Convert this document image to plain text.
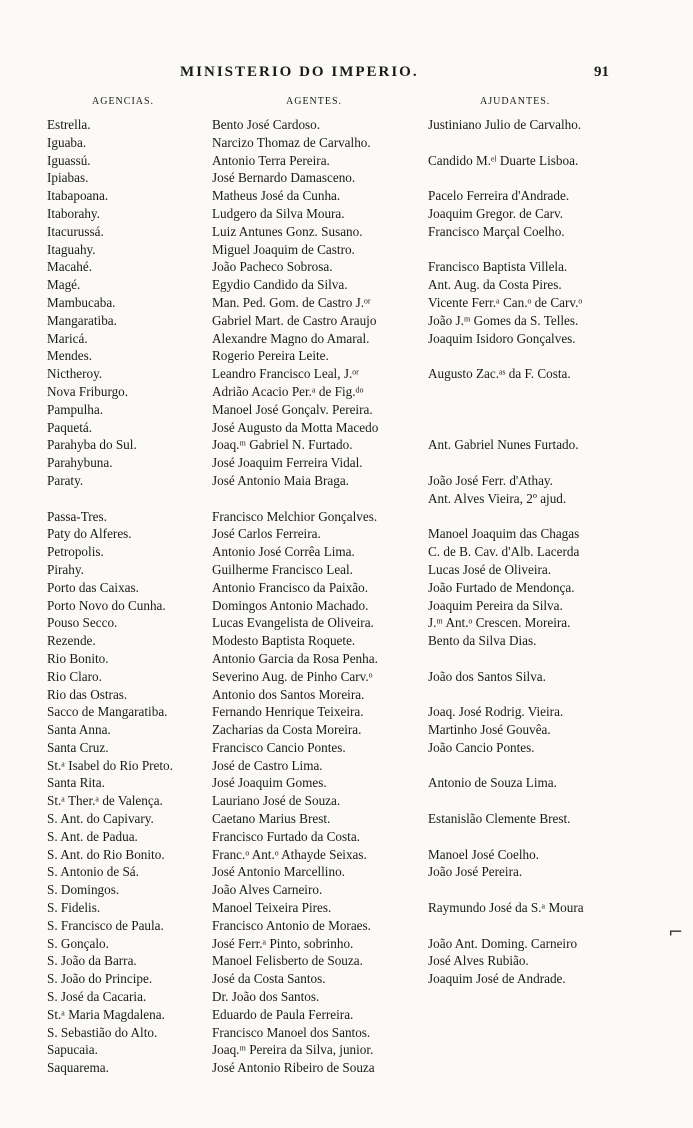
MINISTERIO DO IMPERIO.	91
AGENCIAS.	AGENTES.	AJUDANTES.
Estrella.	Bento José Cardoso.	Justiniano Julio de Carvalho.
Iguaba.	Narcizo Thomaz de Carvalho.
Iguassú.	Antonio Terra Pereira.	Candido M.ᵉˡ Duarte Lisboa.
Ipiabas.	José Bernardo Damasceno.
Itabapoana.	Matheus José da Cunha.	Pacelo Ferreira d'Andrade.
Itaborahy.	Ludgero da Silva Moura.	Joaquim Gregor. de Carv.
Itacurussá.	Luiz Antunes Gonz. Susano.	Francisco Marçal Coelho.
Itaguahy.	Miguel Joaquim de Castro.
Macahé.	João Pacheco Sobrosa.	Francisco Baptista Villela.
Magé.	Egydio Candido da Silva.	Ant. Aug. da Costa Pires.
Mambucaba.	Man. Ped. Gom. de Castro J.ᵒʳ	Vicente Ferr.ᵃ Can.ᵒ de Carv.ᵒ
Mangaratiba.	Gabriel Mart. de Castro Araujo	João J.ᵐ Gomes da S. Telles.
Maricá.	Alexandre Magno do Amaral.	Joaquim Isidoro Gonçalves.
Mendes.	Rogerio Pereira Leite.
Nictheroy.	Leandro Francisco Leal, J.ᵒʳ	Augusto Zac.ᵃˢ da F. Costa.
Nova Friburgo.	Adrião Acacio Per.ᵃ de Fig.ᵈᵒ
Pampulha.	Manoel José Gonçalv. Pereira.
Paquetá.	José Augusto da Motta Macedo
Parahyba do Sul.	Joaq.ᵐ Gabriel N. Furtado.	Ant. Gabriel Nunes Furtado.
Parahybuna.	José Joaquim Ferreira Vidal.
Paraty.	José Antonio Maia Braga.	João José Ferr. d'Athay.
Ant. Alves Vieira, 2º ajud.
Passa-Tres.	Francisco Melchior Gonçalves.
Paty do Alferes.	José Carlos Ferreira.	Manoel Joaquim das Chagas
Petropolis.	Antonio José Corrêa Lima.	C. de B. Cav. d'Alb. Lacerda
Pirahy.	Guilherme Francisco Leal.	Lucas José de Oliveira.
Porto das Caixas.	Antonio Francisco da Paixão.	João Furtado de Mendonça.
Porto Novo do Cunha.	Domingos Antonio Machado.	Joaquim Pereira da Silva.
Pouso Secco.	Lucas Evangelista de Oliveira.	J.ᵐ Ant.ᵒ Crescen. Moreira.
Rezende.	Modesto Baptista Roquete.	Bento da Silva Dias.
Rio Bonito.	Antonio Garcia da Rosa Penha.
Rio Claro.	Severino Aug. de Pinho Carv.ᵒ	João dos Santos Silva.
Rio das Ostras.	Antonio dos Santos Moreira.
Sacco de Mangaratiba.	Fernando Henrique Teixeira.	Joaq. José Rodrig. Vieira.
Santa Anna.	Zacharias da Costa Moreira.	Martinho José Gouvêa.
Santa Cruz.	Francisco Cancio Pontes.	João Cancio Pontes.
St.ᵃ Isabel do Rio Preto.	José de Castro Lima.
Santa Rita.	José Joaquim Gomes.	Antonio de Souza Lima.
St.ᵃ Ther.ᵃ de Valença.	Lauriano José de Souza.
S. Ant. do Capivary.	Caetano Marius Brest.	Estanislão Clemente Brest.
S. Ant. de Padua.	Francisco Furtado da Costa.
S. Ant. do Rio Bonito.	Franc.ᵒ Ant.ᵒ Athayde Seixas.	Manoel José Coelho.
S. Antonio de Sá.	José Antonio Marcellino.	João José Pereira.
S. Domingos.	João Alves Carneiro.
S. Fidelis.	Manoel Teixeira Pires.	Raymundo José da S.ᵃ Moura
S. Francisco de Paula.	Francisco Antonio de Moraes.
S. Gonçalo.	José Ferr.ᵃ Pinto, sobrinho.	João Ant. Doming. Carneiro
S. João da Barra.	Manoel Felisberto de Souza.	José Alves Rubião.
S. João do Principe.	José da Costa Santos.	Joaquim José de Andrade.
S. José da Cacaria.	Dr. João dos Santos.
St.ᵃ Maria Magdalena.	Eduardo de Paula Ferreira.
S. Sebastião do Alto.	Francisco Manoel dos Santos.
Sapucaia.	Joaq.ᵐ Pereira da Silva, junior.
Saquarema.	José Antonio Ribeiro de Souza
⌐
